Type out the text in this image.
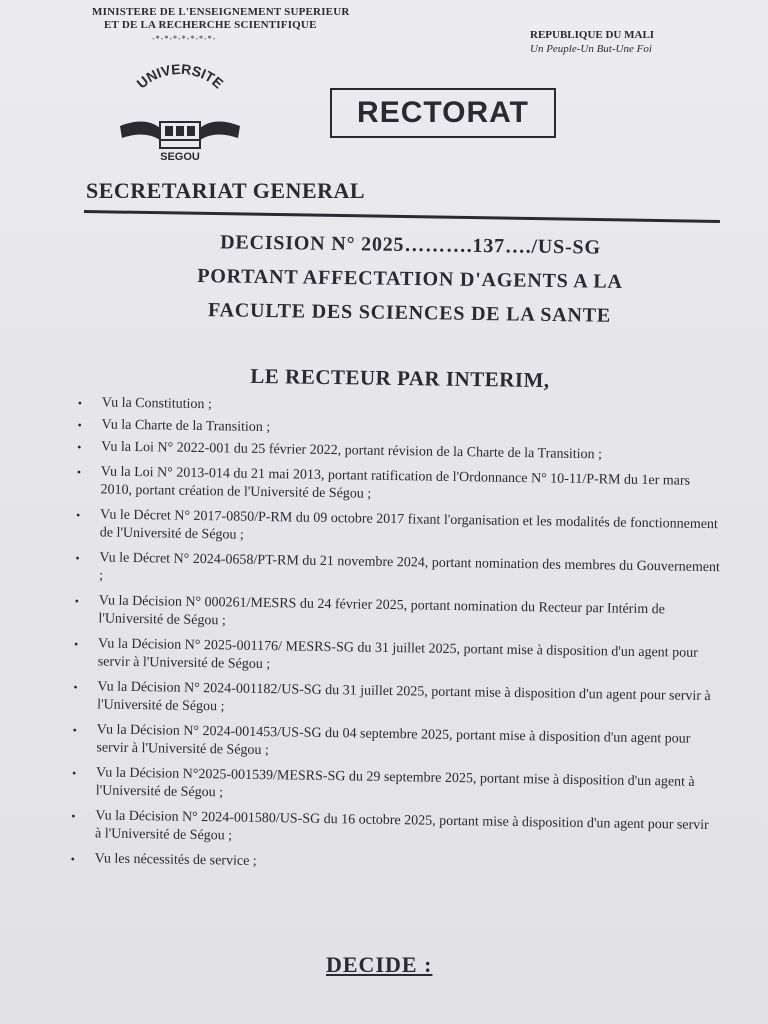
MINISTERE DE L'ENSEIGNEMENT SUPERIEUR
ET DE LA RECHERCHE SCIENTIFIQUE
-*-*-*-*-*-*-*-	REPUBLIQUE DU MALI
Un Peuple-Un But-Une Foi
UNIVERSITE
SEGOU
RECTORAT
SECRETARIAT GENERAL
DECISION N° 2025……….137…./US-SG
PORTANT AFFECTATION D'AGENTS A LA
FACULTE DES SCIENCES DE LA SANTE
LE RECTEUR PAR INTERIM,
• Vu la Constitution ;
• Vu la Charte de la Transition ;
• Vu la Loi N° 2022-001 du 25 février 2022, portant révision de la Charte de la Transition ;
• Vu la Loi N° 2013-014 du 21 mai 2013, portant ratification de l'Ordonnance N° 10-11/P-RM du 1er mars 2010, portant création de l'Université de Ségou ;
• Vu le Décret N° 2017-0850/P-RM du 09 octobre 2017 fixant l'organisation et les modalités de fonctionnement de l'Université de Ségou ;
• Vu le Décret N° 2024-0658/PT-RM du 21 novembre 2024, portant nomination des membres du Gouvernement ;
• Vu la Décision N° 000261/MESRS du 24 février 2025, portant nomination du Recteur par Intérim de l'Université de Ségou ;
• Vu la Décision N° 2025-001176/ MESRS-SG du 31 juillet 2025, portant mise à disposition d'un agent pour servir à l'Université de Ségou ;
• Vu la Décision N° 2024-001182/US-SG du 31 juillet 2025, portant mise à disposition d'un agent pour servir à l'Université de Ségou ;
• Vu la Décision N° 2024-001453/US-SG du 04 septembre 2025, portant mise à disposition d'un agent pour servir à l'Université de Ségou ;
• Vu la Décision N°2025-001539/MESRS-SG du 29 septembre 2025, portant mise à disposition d'un agent à l'Université de Ségou ;
• Vu la Décision N° 2024-001580/US-SG du 16 octobre 2025, portant mise à disposition d'un agent pour servir à l'Université de Ségou ;
• Vu les nécessités de service ;
DECIDE :
